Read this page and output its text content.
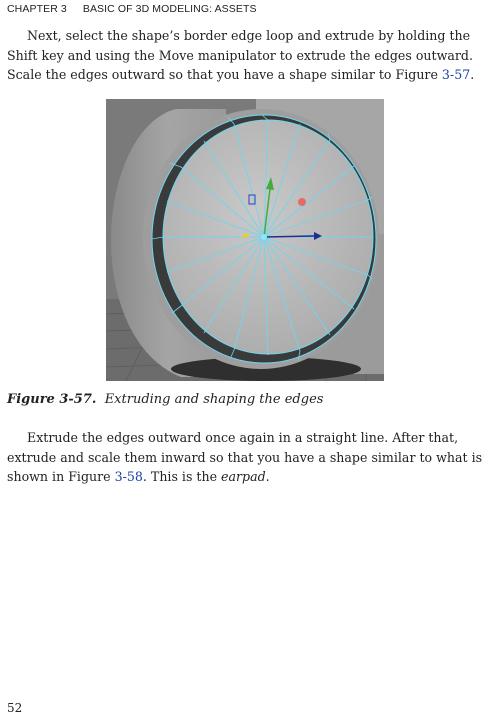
CHAPTER 3 BASIC OF 3D MODELING: ASSETS

Next, select the shape’s border edge loop and extrude by holding the Shift key and using the Move manipulator to extrude the edges outward. Scale the edges outward so that you have a shape similar to Figure 3-57.

Figure 3-57. Extruding and shaping the edges

Extrude the edges outward once again in a straight line. After that, extrude and scale them inward so that you have a shape similar to what is shown in Figure 3-58. This is the earpad.

52
